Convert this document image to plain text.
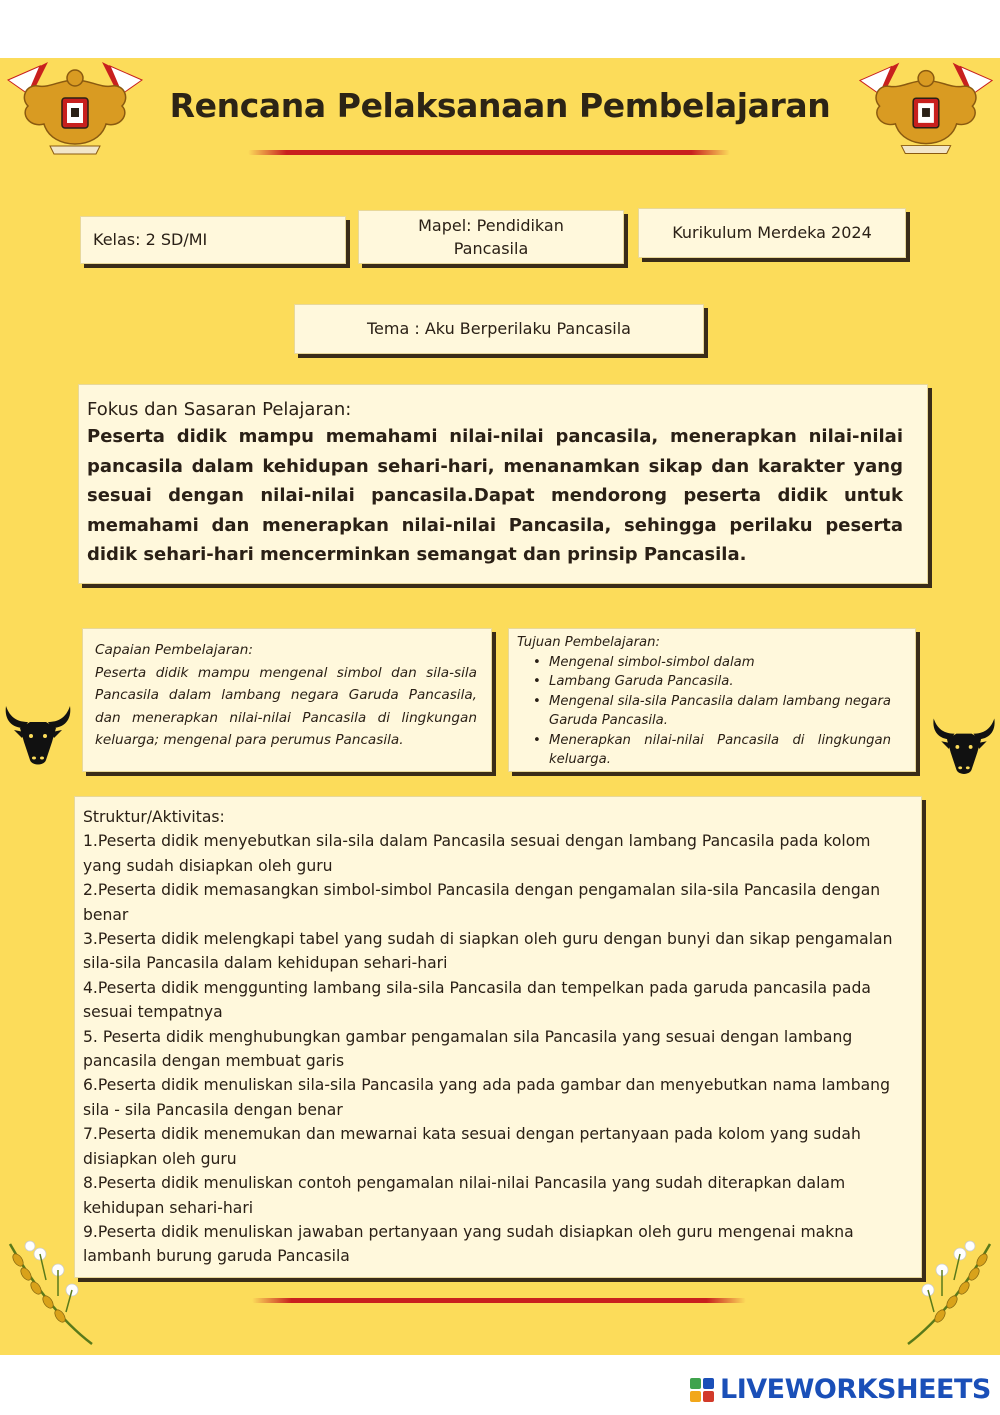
Rencana Pelaksanaan Pembelajaran
Kelas: 2 SD/MI
Mapel: Pendidikan Pancasila
Kurikulum Merdeka 2024
Tema : Aku Berperilaku Pancasila
Fokus dan Sasaran Pelajaran:
Peserta didik mampu memahami nilai-nilai pancasila, menerapkan nilai-nilai pancasila dalam kehidupan sehari-hari, menanamkan sikap dan karakter yang sesuai dengan nilai-nilai pancasila.Dapat mendorong peserta didik untuk memahami dan menerapkan nilai-nilai Pancasila, sehingga perilaku peserta didik sehari-hari mencerminkan semangat dan prinsip Pancasila.
Capaian Pembelajaran:
Peserta didik mampu mengenal simbol dan sila-sila Pancasila dalam lambang negara Garuda Pancasila, dan menerapkan nilai-nilai Pancasila di lingkungan keluarga; mengenal para perumus Pancasila.
Tujuan Pembelajaran:
• Mengenal simbol-simbol dalam
• Lambang Garuda Pancasila.
• Mengenal sila-sila Pancasila dalam lambang negara Garuda Pancasila.
• Menerapkan nilai-nilai Pancasila di lingkungan keluarga.
Struktur/Aktivitas:
1.Peserta didik menyebutkan sila-sila dalam Pancasila sesuai dengan lambang Pancasila pada kolom yang sudah disiapkan oleh guru
2.Peserta didik memasangkan simbol-simbol Pancasila dengan pengamalan sila-sila Pancasila dengan benar
3.Peserta didik melengkapi tabel yang sudah di siapkan oleh guru dengan bunyi dan sikap pengamalan sila-sila Pancasila dalam kehidupan sehari-hari
4.Peserta didik menggunting lambang sila-sila Pancasila dan tempelkan pada garuda pancasila pada sesuai tempatnya
5. Peserta didik menghubungkan gambar pengamalan sila Pancasila yang sesuai dengan lambang pancasila dengan membuat garis
6.Peserta didik menuliskan sila-sila Pancasila yang ada pada gambar dan menyebutkan nama lambang sila - sila Pancasila dengan benar
7.Peserta didik menemukan dan mewarnai kata sesuai dengan pertanyaan pada kolom yang sudah disiapkan oleh guru
8.Peserta didik menuliskan contoh pengamalan nilai-nilai Pancasila yang sudah diterapkan dalam kehidupan sehari-hari
9.Peserta didik menuliskan jawaban pertanyaan yang sudah disiapkan oleh guru mengenai makna lambanh burung garuda Pancasila
LIVEWORKSHEETS
